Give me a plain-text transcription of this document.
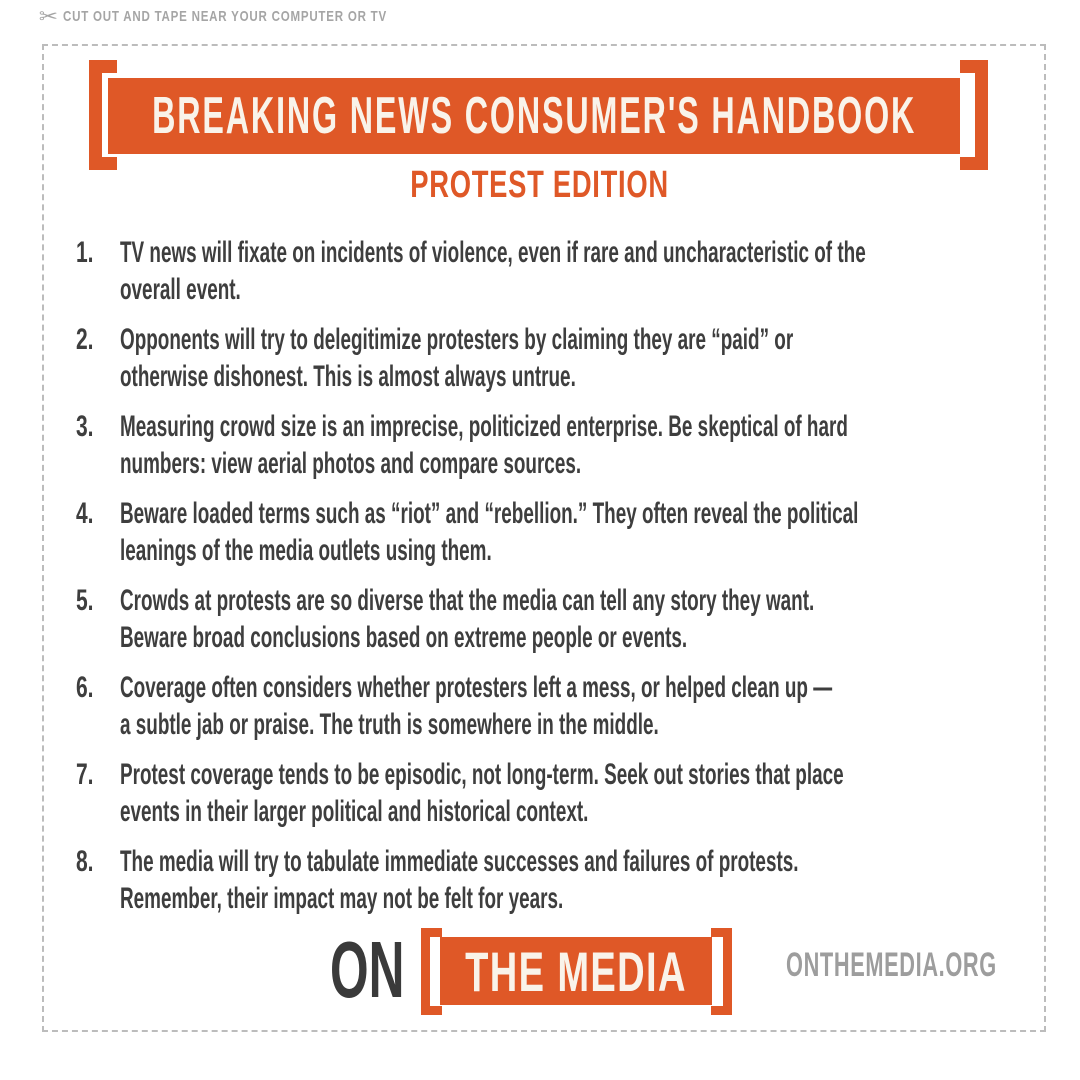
✂ CUT OUT AND TAPE NEAR YOUR COMPUTER OR TV
BREAKING NEWS CONSUMER'S HANDBOOK
PROTEST EDITION
1. TV news will fixate on incidents of violence, even if rare and uncharacteristic of the
overall event.
2. Opponents will try to delegitimize protesters by claiming they are “paid” or
otherwise dishonest. This is almost always untrue.
3. Measuring crowd size is an imprecise, politicized enterprise. Be skeptical of hard
numbers: view aerial photos and compare sources.
4. Beware loaded terms such as “riot” and “rebellion.” They often reveal the political
leanings of the media outlets using them.
5. Crowds at protests are so diverse that the media can tell any story they want.
Beware broad conclusions based on extreme people or events.
6. Coverage often considers whether protesters left a mess, or helped clean up —
a subtle jab or praise. The truth is somewhere in the middle.
7. Protest coverage tends to be episodic, not long-term. Seek out stories that place
events in their larger political and historical context.
8. The media will try to tabulate immediate successes and failures of protests.
Remember, their impact may not be felt for years.
ON THE MEDIA	ONTHEMEDIA.ORG
